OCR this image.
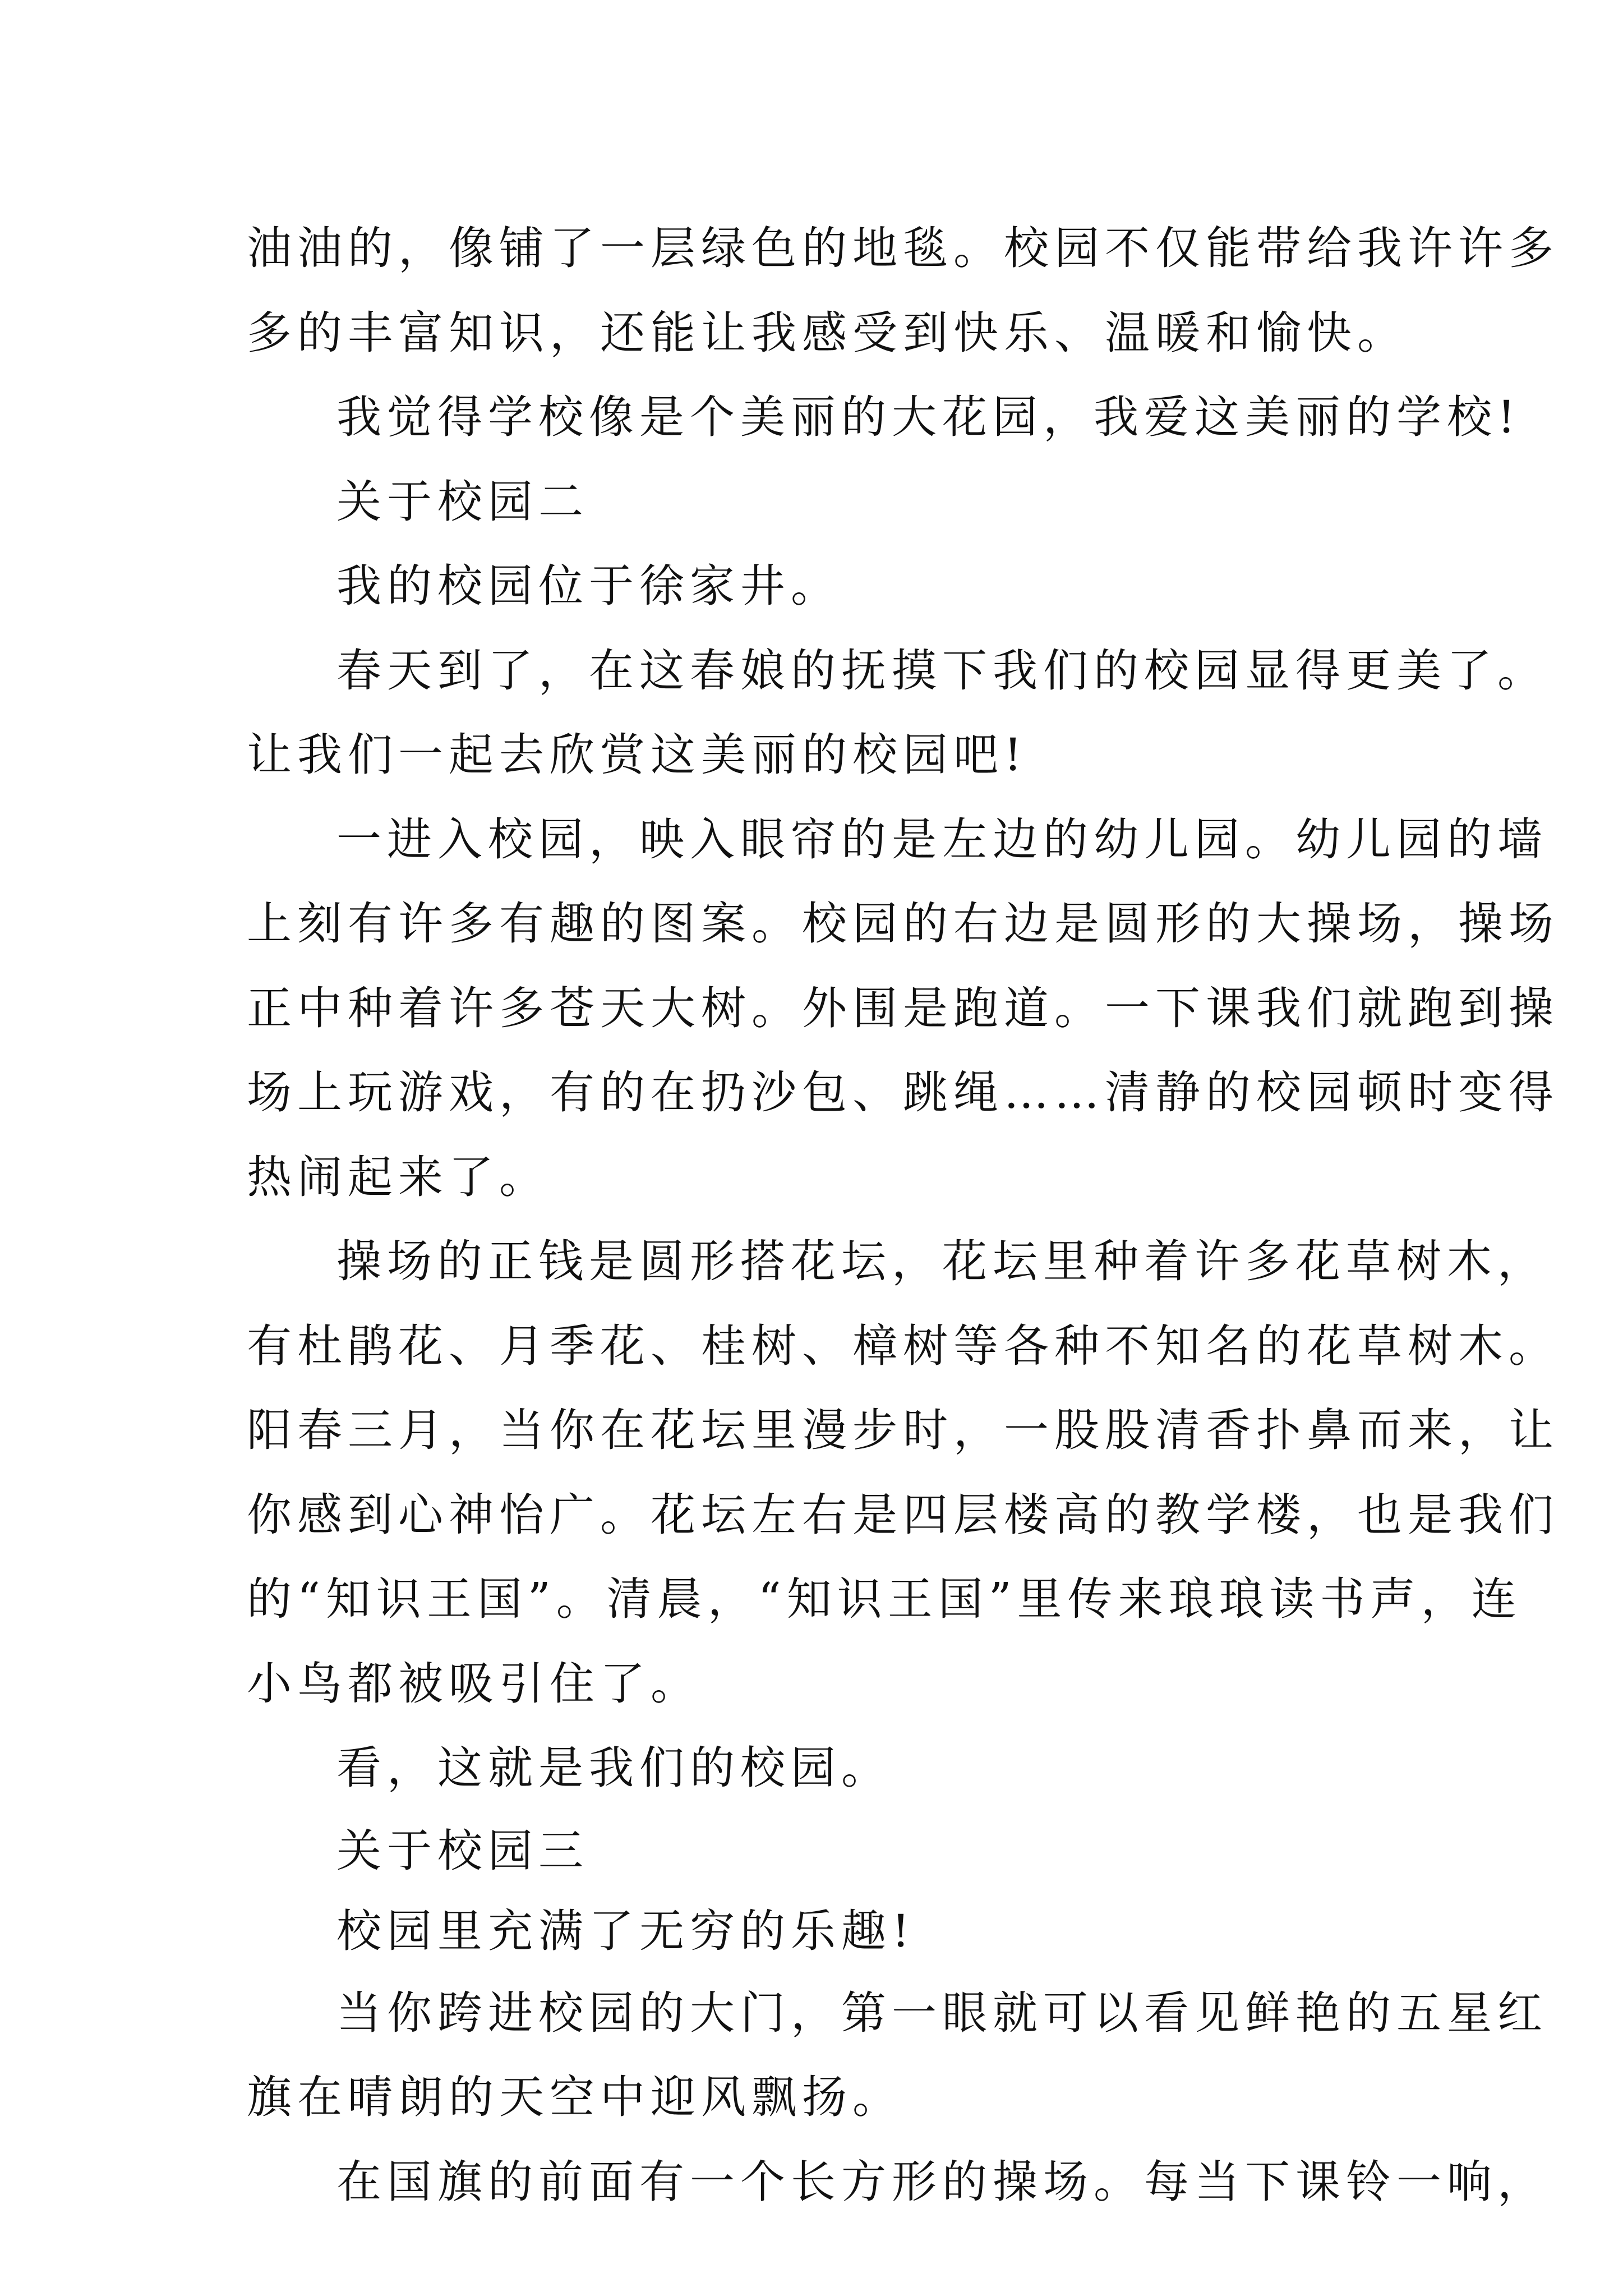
油油的，像铺了一层绿色的地毯。校园不仅能带给我许许多
多的丰富知识，还能让我感受到快乐、温暖和愉快。
我觉得学校像是个美丽的大花园，我爱这美丽的学校!
关于校园二
我的校园位于徐家井。
春天到了，在这春娘的抚摸下我们的校园显得更美了。
让我们一起去欣赏这美丽的校园吧!
一进入校园，映入眼帘的是左边的幼儿园。幼儿园的墙
上刻有许多有趣的图案。校园的右边是圆形的大操场，操场
正中种着许多苍天大树。外围是跑道。一下课我们就跑到操
场上玩游戏，有的在扔沙包、跳绳……清静的校园顿时变得
热闹起来了。
操场的正钱是圆形搭花坛，花坛里种着许多花草树木，
有杜鹃花、月季花、桂树、樟树等各种不知名的花草树木。
阳春三月，当你在花坛里漫步时，一股股清香扑鼻而来，让
你感到心神怡广。花坛左右是四层楼高的教学楼，也是我们
的“知识王国”。清晨，“知识王国”里传来琅琅读书声，连
小鸟都被吸引住了。
看，这就是我们的校园。
关于校园三
校园里充满了无穷的乐趣!
当你跨进校园的大门，第一眼就可以看见鲜艳的五星红
旗在晴朗的天空中迎风飘扬。
在国旗的前面有一个长方形的操场。每当下课铃一响，
